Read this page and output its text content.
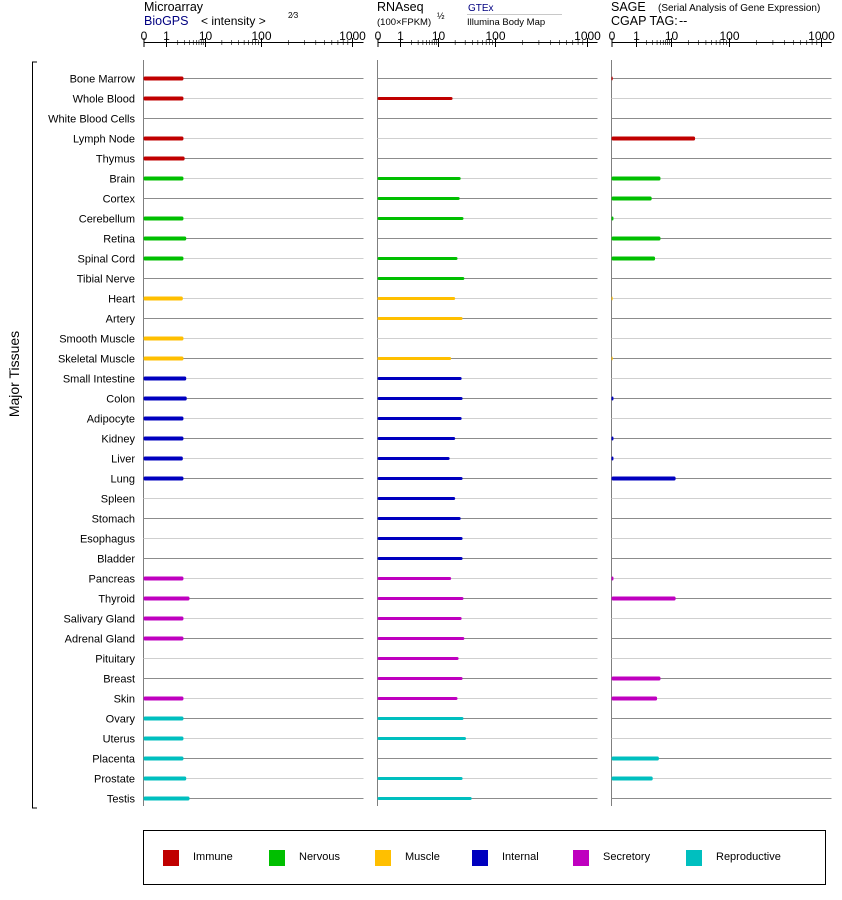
Microarray
BioGPS < intensity >	2⁄3
RNAseq
(100×FPKM)
½
GTEx
Illumina Body Map
SAGE (Serial Analysis of Gene Expression)
CGAP TAG: --
0 1 10	100	1000 0 1 10	100	1000 0 1 10	100	1000
Bone Marrow
Whole Blood
White Blood Cells
Lymph Node
Thymus
Brain
Cortex
Cerebellum
Retina
Spinal Cord
Tibial Nerve
Heart
Artery
Smooth Muscle
Skeletal Muscle
Small Intestine
Colon
Adipocyte
Kidney
Liver
Lung
Spleen
Stomach
Esophagus
Bladder
Pancreas
Thyroid
Salivary Gland
Adrenal Gland
Pituitary
Breast
Skin
Ovary
Uterus
Placenta
Prostate
Testis
Major Tissues
Immune	Nervous	Muscle	Internal	Secretory	Reproductive
